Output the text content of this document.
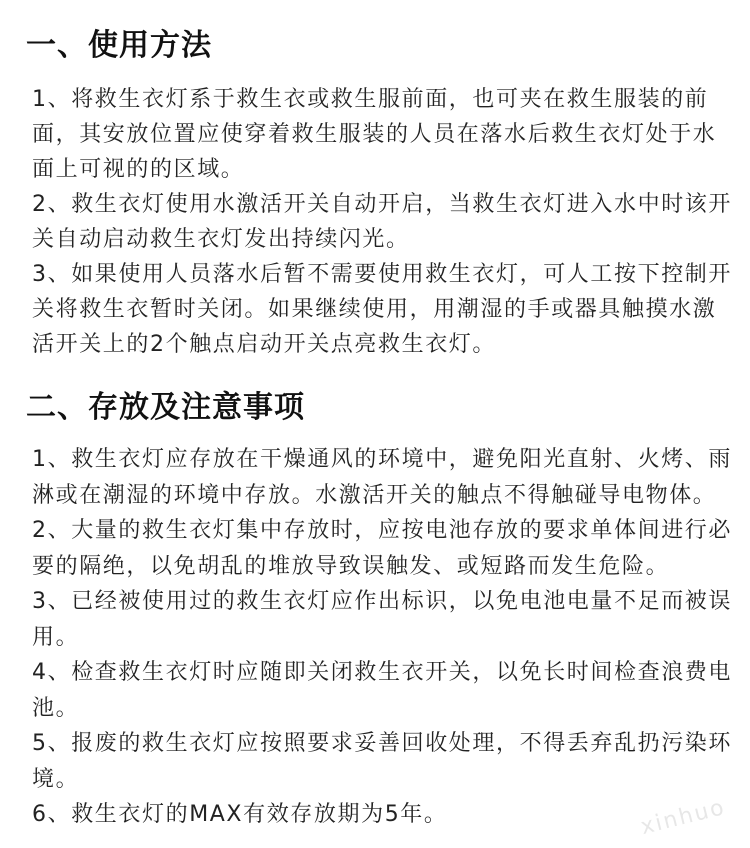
一、使用方法
1、将救生衣灯系于救生衣或救生服前面，也可夹在救生服装的前面，其安放位置应使穿着救生服装的人员在落水后救生衣灯处于水面上可视的的区域。
2、救生衣灯使用水激活开关自动开启，当救生衣灯进入水中时该开关自动启动救生衣灯发出持续闪光。
3、如果使用人员落水后暂不需要使用救生衣灯，可人工按下控制开关将救生衣暂时关闭。如果继续使用，用潮湿的手或器具触摸水激活开关上的2个触点启动开关点亮救生衣灯。
二、存放及注意事项
1、救生衣灯应存放在干燥通风的环境中，避免阳光直射、火烤、雨淋或在潮湿的环境中存放。水激活开关的触点不得触碰导电物体。
2、大量的救生衣灯集中存放时，应按电池存放的要求单体间进行必要的隔绝，以免胡乱的堆放导致误触发、或短路而发生危险。
3、已经被使用过的救生衣灯应作出标识，以免电池电量不足而被误用。
4、检查救生衣灯时应随即关闭救生衣开关，以免长时间检查浪费电池。
5、报废的救生衣灯应按照要求妥善回收处理，不得丢弃乱扔污染环境。
6、救生衣灯的MAX有效存放期为5年。	xinhuo
